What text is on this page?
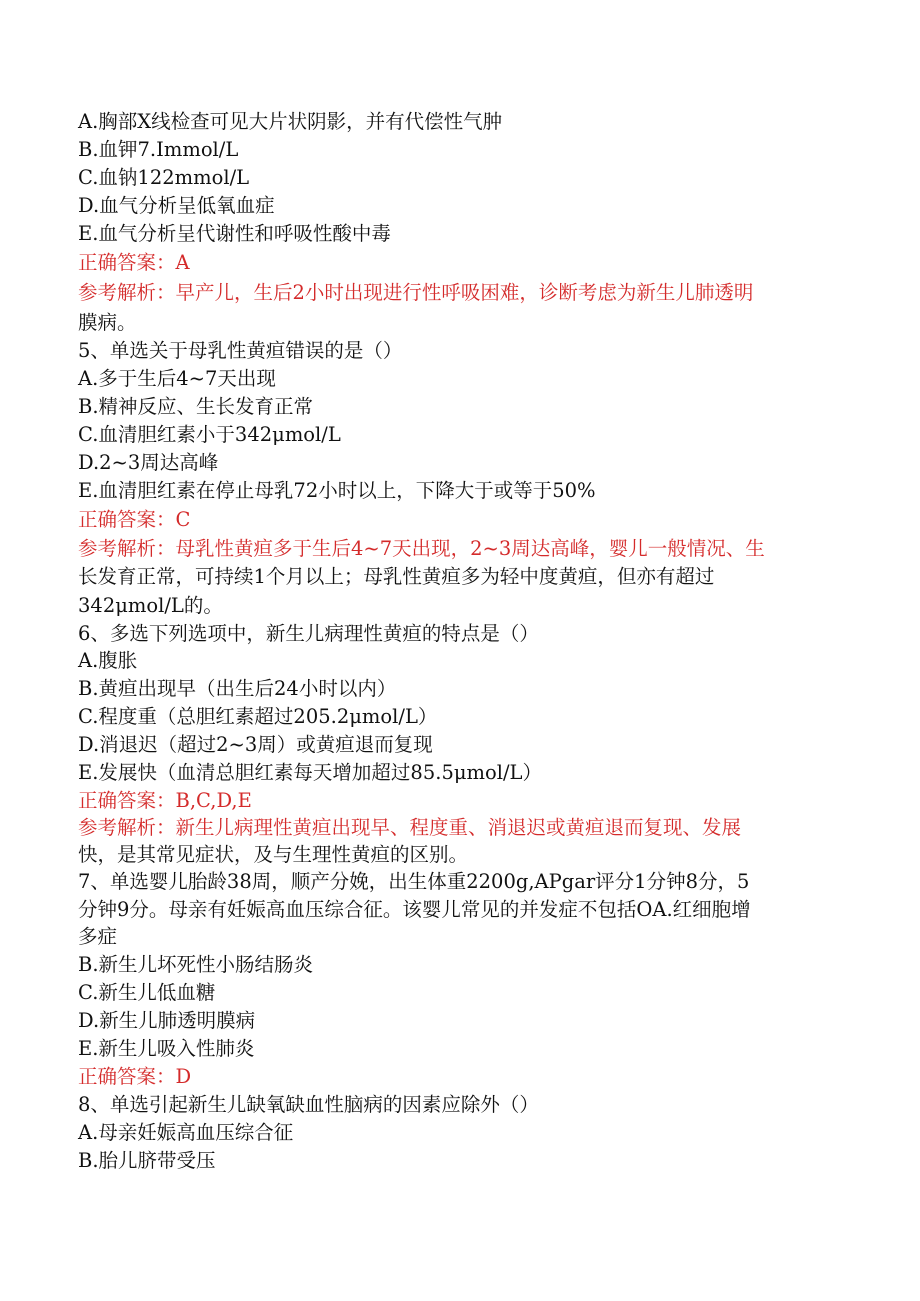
A.胸部X线检查可见大片状阴影，并有代偿性气肿
B.血钾7.Immol/L
C.血钠122mmol/L
D.血气分析呈低氧血症
E.血气分析呈代谢性和呼吸性酸中毒
正确答案：A
参考解析：早产儿，生后2小时出现进行性呼吸困难，诊断考虑为新生儿肺透明
膜病。
5、单选关于母乳性黄疸错误的是（）
A.多于生后4~7天出现
B.精神反应、生长发育正常
C.血清胆红素小于342μmol/L
D.2~3周达高峰
E.血清胆红素在停止母乳72小时以上，下降大于或等于50%
正确答案：C
参考解析：母乳性黄疸多于生后4~7天出现，2~3周达高峰，婴儿一般情况、生
长发育正常，可持续1个月以上；母乳性黄疸多为轻中度黄疸，但亦有超过
342μmol/L的。
6、多选下列选项中，新生儿病理性黄疸的特点是（）
A.腹胀
B.黄疸出现早（出生后24小时以内）
C.程度重（总胆红素超过205.2μmol/L）
D.消退迟（超过2~3周）或黄疸退而复现
E.发展快（血清总胆红素每天增加超过85.5μmol/L）
正确答案：B,C,D,E
参考解析：新生儿病理性黄疸出现早、程度重、消退迟或黄疸退而复现、发展
快，是其常见症状，及与生理性黄疸的区别。
7、单选婴儿胎龄38周，顺产分娩，出生体重2200g,APgar评分1分钟8分，5
分钟9分。母亲有妊娠高血压综合征。该婴儿常见的并发症不包括OA.红细胞增
多症
B.新生儿坏死性小肠结肠炎
C.新生儿低血糖
D.新生儿肺透明膜病
E.新生儿吸入性肺炎
正确答案：D
8、单选引起新生儿缺氧缺血性脑病的因素应除外（）
A.母亲妊娠高血压综合征
B.胎儿脐带受压
